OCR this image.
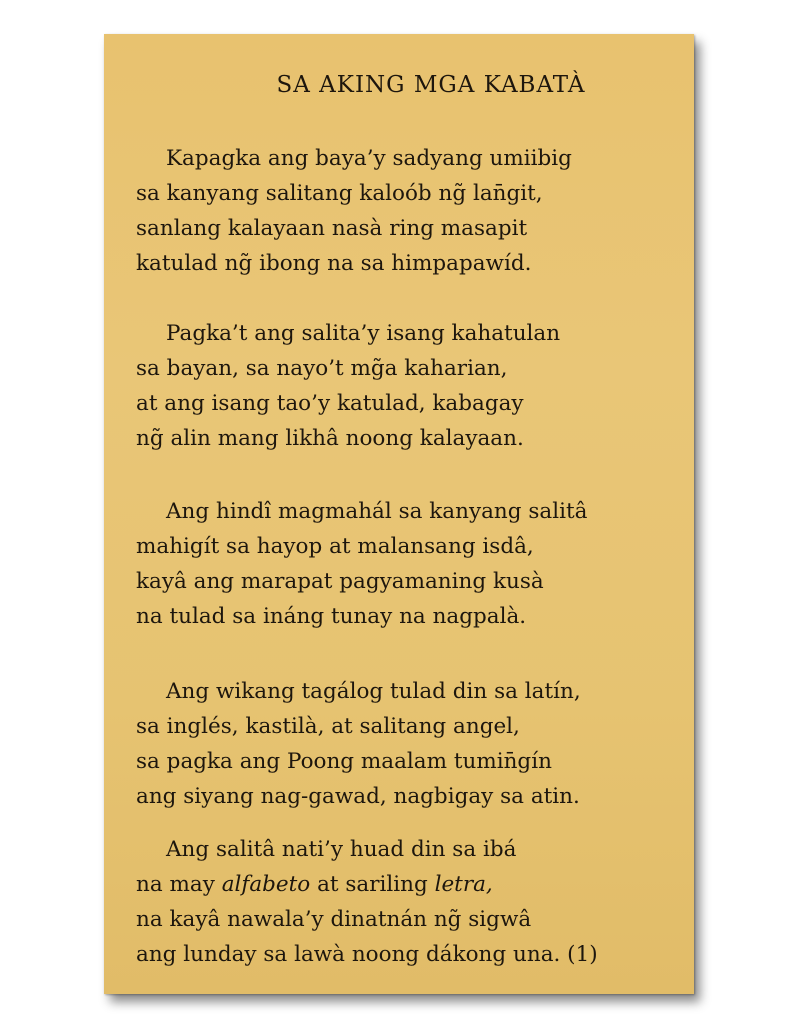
SA AKING MGA KABATÀ
Kapagka ang baya’y sadyang umiibig
sa kanyang salitang kaloób ng̃ lan̄git,
sanlang kalayaan nasà ring masapit
katulad ng̃ ibong na sa himpapawíd.
Pagka’t ang salita’y isang kahatulan
sa bayan, sa nayo’t mg̃a kaharian,
at ang isang tao’y katulad, kabagay
ng̃ alin mang likhâ noong kalayaan.
Ang hindî magmahál sa kanyang salitâ
mahigít sa hayop at malansang isdâ,
kayâ ang marapat pagyamaning kusà
na tulad sa ináng tunay na nagpalà.
Ang wikang tagálog tulad din sa latín,
sa inglés, kastilà, at salitang angel,
sa pagka ang Poong maalam tumin̄gín
ang siyang nag-gawad, nagbigay sa atin.
Ang salitâ nati’y huad din sa ibá
na may alfabeto at sariling letra,
na kayâ nawala’y dinatnán ng̃ sigwâ
ang lunday sa lawà noong dákong una. (1)
